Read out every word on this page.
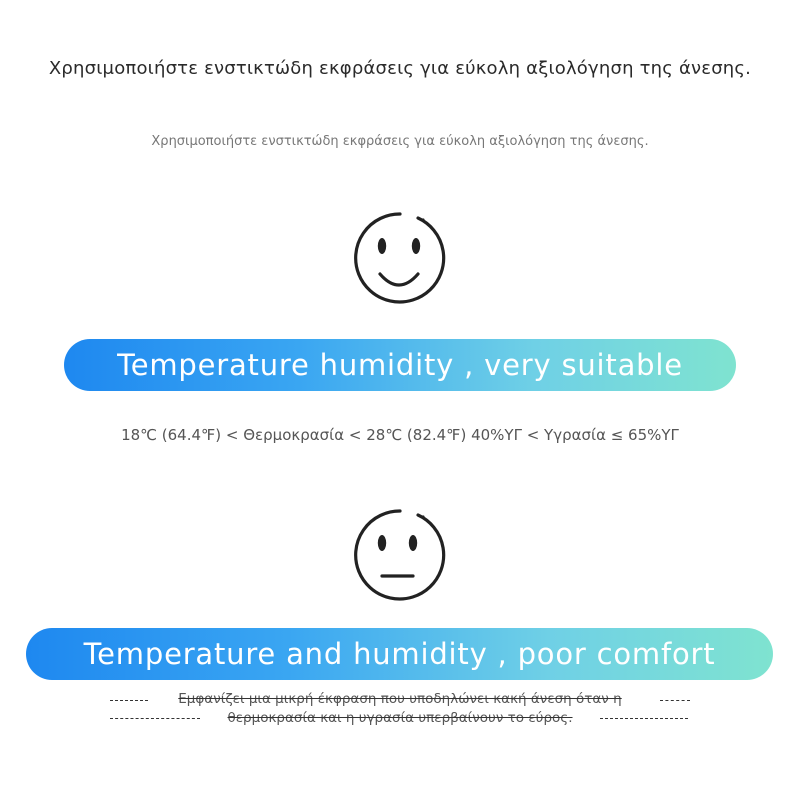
Χρησιμοποιήστε ενστικτώδη εκφράσεις για εύκολη αξιολόγηση της άνεσης.
Χρησιμοποιήστε ενστικτώδη εκφράσεις για εύκολη αξιολόγηση της άνεσης.
Temperature humidity , very suitable
18℃ (64.4℉) < Θερμοκρασία < 28℃ (82.4℉) 40%ΥΓ < Υγρασία ≤ 65%ΥΓ
Temperature and humidity , poor comfort
Εμφανίζει μια μικρή έκφραση που υποδηλώνει κακή άνεση όταν η
θερμοκρασία και η υγρασία υπερβαίνουν το εύρος.
